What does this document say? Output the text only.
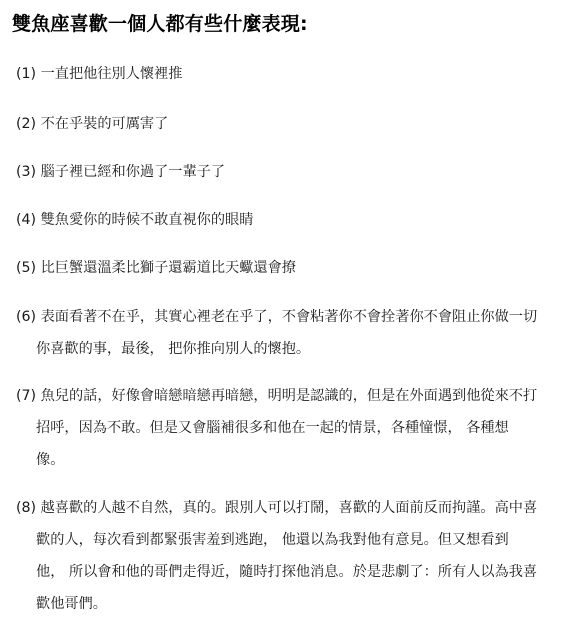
雙魚座喜歡一個人都有些什麼表現:
(1) 一直把他往別人懷裡推
(2) 不在乎裝的可厲害了
(3) 腦子裡已經和你過了一輩子了
(4) 雙魚愛你的時候不敢直視你的眼睛
(5) 比巨蟹還溫柔比獅子還霸道比天蠍還會撩
(6) 表面看著不在乎，其實心裡老在乎了，不會粘著你不會拴著你不會阻止你做一切
你喜歡的事，最後， 把你推向別人的懷抱。
(7) 魚兒的話，好像會暗戀暗戀再暗戀，明明是認識的，但是在外面遇到他從來不打
招呼，因為不敢。但是又會腦補很多和他在一起的情景，各種憧憬， 各種想
像。
(8) 越喜歡的人越不自然，真的。跟別人可以打鬧，喜歡的人面前反而拘謹。高中喜
歡的人，每次看到都緊張害羞到逃跑， 他還以為我對他有意見。但又想看到
他， 所以會和他的哥們走得近，隨時打探他消息。於是悲劇了：所有人以為我喜
歡他哥們。
